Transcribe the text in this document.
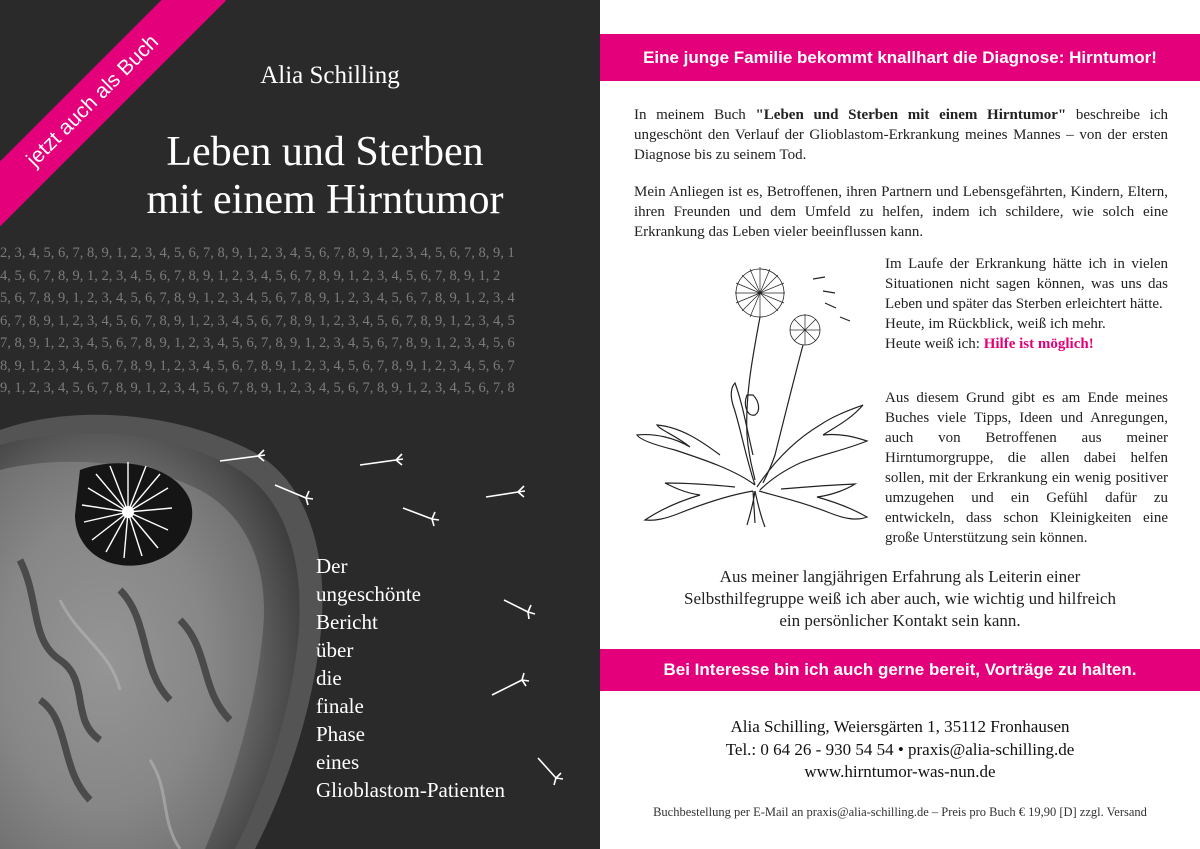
2, 3, 4, 5, 6, 7, 8, 9, 1, 2, 3, 4, 5, 6, 7, 8, 9, 1, 2, 3, 4, 5, 6, 7, 8, 9, 1, 2, 3, 4, 5, 6, 7, 8, 9, 1
4, 5, 6, 7, 8, 9, 1, 2, 3, 4, 5, 6, 7, 8, 9, 1, 2, 3, 4, 5, 6, 7, 8, 9, 1, 2, 3, 4, 5, 6, 7, 8, 9, 1, 2
5, 6, 7, 8, 9, 1, 2, 3, 4, 5, 6, 7, 8, 9, 1, 2, 3, 4, 5, 6, 7, 8, 9, 1, 2, 3, 4, 5, 6, 7, 8, 9, 1, 2, 3, 4
6, 7, 8, 9, 1, 2, 3, 4, 5, 6, 7, 8, 9, 1, 2, 3, 4, 5, 6, 7, 8, 9, 1, 2, 3, 4, 5, 6, 7, 8, 9, 1, 2, 3, 4, 5
7, 8, 9, 1, 2, 3, 4, 5, 6, 7, 8, 9, 1, 2, 3, 4, 5, 6, 7, 8, 9, 1, 2, 3, 4, 5, 6, 7, 8, 9, 1, 2, 3, 4, 5, 6
8, 9, 1, 2, 3, 4, 5, 6, 7, 8, 9, 1, 2, 3, 4, 5, 6, 7, 8, 9, 1, 2, 3, 4, 5, 6, 7, 8, 9, 1, 2, 3, 4, 5, 6, 7
9, 1, 2, 3, 4, 5, 6, 7, 8, 9, 1, 2, 3, 4, 5, 6, 7, 8, 9, 1, 2, 3, 4, 5, 6, 7, 8, 9, 1, 2, 3, 4, 5, 6, 7, 8
jetzt auch als Buch	Alia Schilling
Leben und Sterben
mit einem Hirntumor
Der
ungeschönte
Bericht
über
die
finale
Phase
eines
Glioblastom-Patienten
Eine junge Familie bekommt knallhart die Diagnose: Hirntumor!
In meinem Buch "Leben und Sterben mit einem Hirntumor" beschreibe ich ungeschönt den Verlauf der Glioblastom-Erkrankung meines Mannes – von der ersten Diagnose bis zu seinem Tod.
Mein Anliegen ist es, Betroffenen, ihren Partnern und Lebensgefährten, Kindern, Eltern, ihren Freunden und dem Umfeld zu helfen, indem ich schildere, wie solch eine Erkrankung das Leben vieler beeinflussen kann.
Im Laufe der Erkrankung hätte ich in vielen Situationen nicht sagen können, was uns das Leben und später das Sterben erleichtert hätte.
Heute, im Rückblick, weiß ich mehr.
Heute weiß ich: Hilfe ist möglich!
Aus diesem Grund gibt es am Ende meines Buches viele Tipps, Ideen und Anregungen, auch von Betroffenen aus meiner Hirntumorgruppe, die allen dabei helfen sollen, mit der Erkrankung ein wenig positiver umzugehen und ein Gefühl dafür zu entwickeln, dass schon Kleinigkeiten eine große Unterstützung sein können.
Aus meiner langjährigen Erfahrung als Leiterin einer
Selbsthilfegruppe weiß ich aber auch, wie wichtig und hilfreich
ein persönlicher Kontakt sein kann.
Bei Interesse bin ich auch gerne bereit, Vorträge zu halten.
Alia Schilling, Weiersgärten 1, 35112 Fronhausen
Tel.: 0 64 26 - 930 54 54 • praxis@alia-schilling.de
www.hirntumor-was-nun.de
Buchbestellung per E-Mail an praxis@alia-schilling.de – Preis pro Buch € 19,90 [D] zzgl. Versand
